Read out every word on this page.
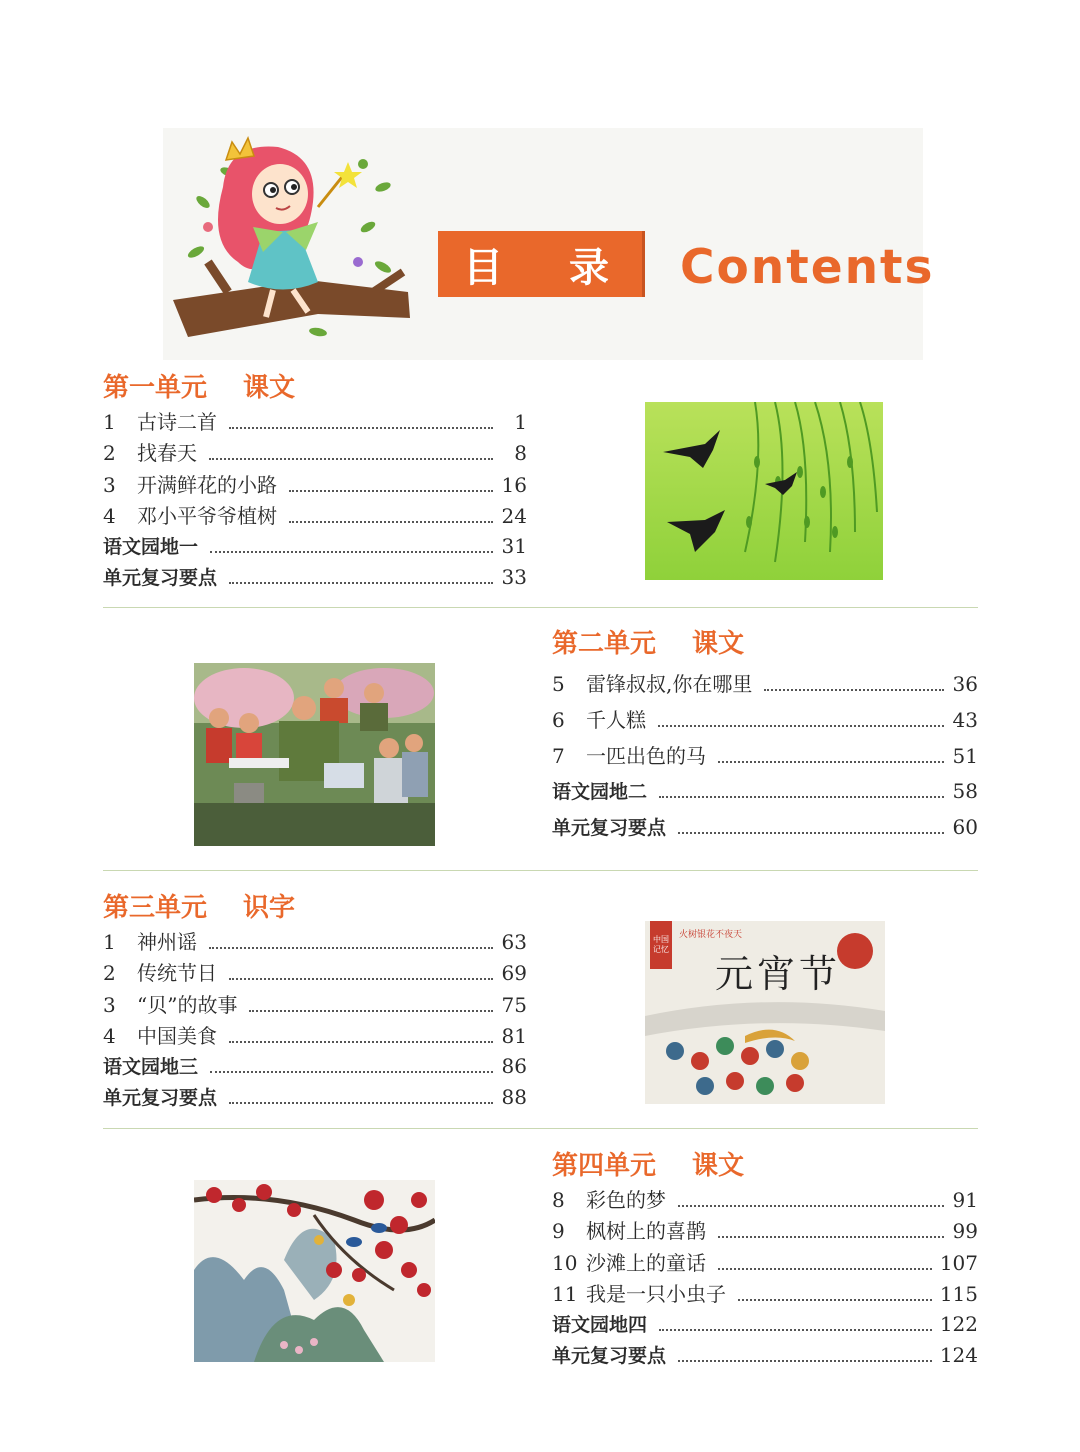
目 录 Contents
第一单元 课文
1	古诗二首	1
2	找春天	8
3	开满鲜花的小路	16
4	邓小平爷爷植树	24
语文园地一	31
单元复习要点	33
第二单元 课文
5	雷锋叔叔,你在哪里	36
6	千人糕	43
7	一匹出色的马	51
语文园地二	58
单元复习要点	60
第三单元 识字
1	神州谣	63
2	传统节日	69
3	“贝”的故事	75
4	中国美食	81
语文园地三	86
单元复习要点	88
中国记忆
火树银花不夜天
元宵节
第四单元 课文
8	彩色的梦	91
9	枫树上的喜鹊	99
10 沙滩上的童话	107
11 我是一只小虫子	115
语文园地四	122
单元复习要点	124
